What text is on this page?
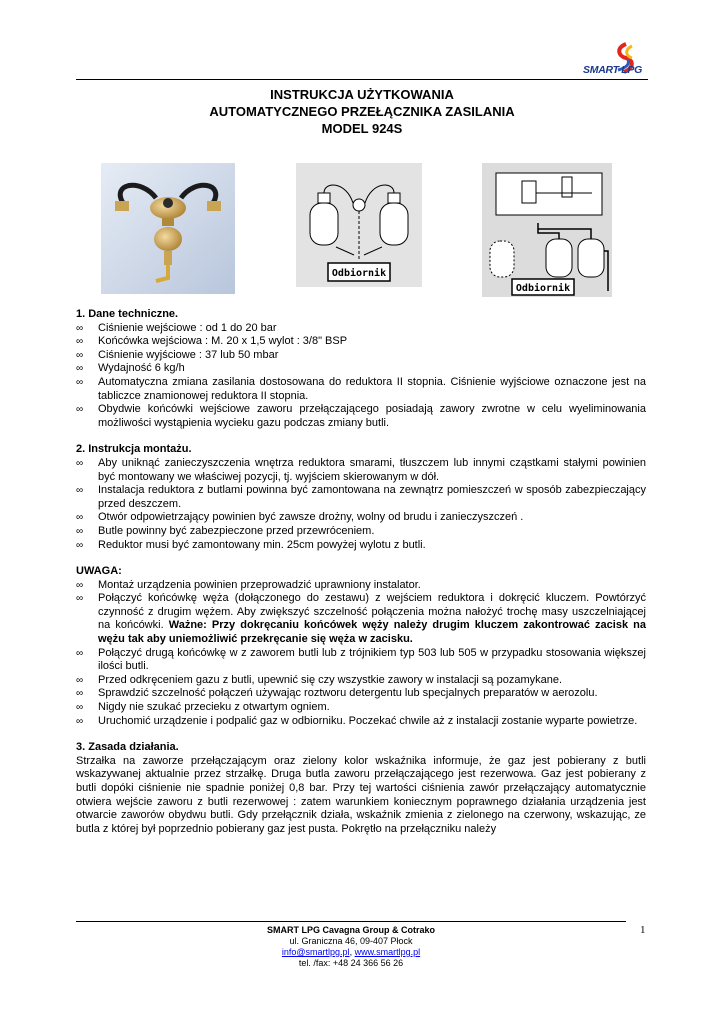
SMART LPG
INSTRUKCJA UŻYTKOWANIA
AUTOMATYCZNEGO PRZEŁĄCZNIKA ZASILANIA
MODEL 924S
Odbiornik
Odbiornik
1. Dane techniczne.
∞ Ciśnienie wejściowe : od 1 do 20 bar
∞ Końcówka wejściowa : M. 20 x 1,5 wylot : 3/8" BSP
∞ Ciśnienie wyjściowe : 37 lub 50 mbar
∞ Wydajność 6 kg/h
∞ Automatyczna zmiana zasilania dostosowana do reduktora II stopnia. Ciśnienie wyjściowe oznaczone jest na tabliczce znamionowej reduktora II stopnia.
∞ Obydwie końcówki wejściowe zaworu przełączającego posiadają zawory zwrotne w celu wyeliminowania możliwości wystąpienia wycieku gazu podczas zmiany butli.
2. Instrukcja montażu.
∞ Aby uniknąć zanieczyszczenia wnętrza reduktora smarami, tłuszczem lub innymi cząstkami stałymi powinien być montowany we właściwej pozycji, tj. wyjściem skierowanym w dół.
∞ Instalacja reduktora z butlami powinna być zamontowana na zewnątrz pomieszczeń w sposób zabezpieczający przed deszczem.
∞ Otwór odpowietrzający powinien być zawsze drożny, wolny od brudu i zanieczyszczeń .
∞ Butle powinny być zabezpieczone przed przewróceniem.
∞ Reduktor musi być zamontowany min. 25cm powyżej wylotu z butli.
UWAGA:
∞ Montaż urządzenia powinien przeprowadzić uprawniony instalator.
∞ Połączyć końcówkę węża (dołączonego do zestawu) z wejściem reduktora i dokręcić kluczem. Powtórzyć czynność z drugim wężem. Aby zwiększyć szczelność połączenia można nałożyć trochę masy uszczelniającej na końcówki. Ważne: Przy dokręcaniu końcówek węży należy drugim kluczem zakontrować zacisk na wężu tak aby uniemożliwić przekręcanie się węża w zacisku.
∞ Połączyć drugą końcówkę w z zaworem butli lub z trójnikiem typ 503 lub 505 w przypadku stosowania większej ilości butli.
∞ Przed odkręceniem gazu z butli, upewnić się czy wszystkie zawory w instalacji są pozamykane.
∞ Sprawdzić szczelność połączeń używając roztworu detergentu lub specjalnych preparatów w aerozolu.
∞ Nigdy nie szukać przecieku z otwartym ogniem.
∞ Uruchomić urządzenie i podpalić gaz w odbiorniku. Poczekać chwile aż z instalacji zostanie wyparte powietrze.
3. Zasada działania.

Strzałka na zaworze przełączającym oraz zielony kolor wskaźnika informuje, że gaz jest pobierany z butli wskazywanej aktualnie przez strzałkę. Druga butla zaworu przełączającego jest rezerwowa. Gaz jest pobierany z butli dopóki ciśnienie nie spadnie poniżej 0,8 bar. Przy tej wartości ciśnienia zawór przełączający automatycznie otwiera wejście zaworu z butli rezerwowej : zatem warunkiem koniecznym poprawnego działania urządzenia jest otwarcie zaworów obydwu butli. Gdy przełącznik działa, wskaźnik zmienia z zielonego na czerwony, wskazując, ze butla z której był poprzednio pobierany gaz jest pusta. Pokrętło na przełączniku należy

SMART LPG Cavagna Group & Cotrako
ul. Graniczna 46, 09-407 Płock
info@smartlpg.pl, www.smartlpg.pl
tel. /fax: +48 24 366 56 26
1
